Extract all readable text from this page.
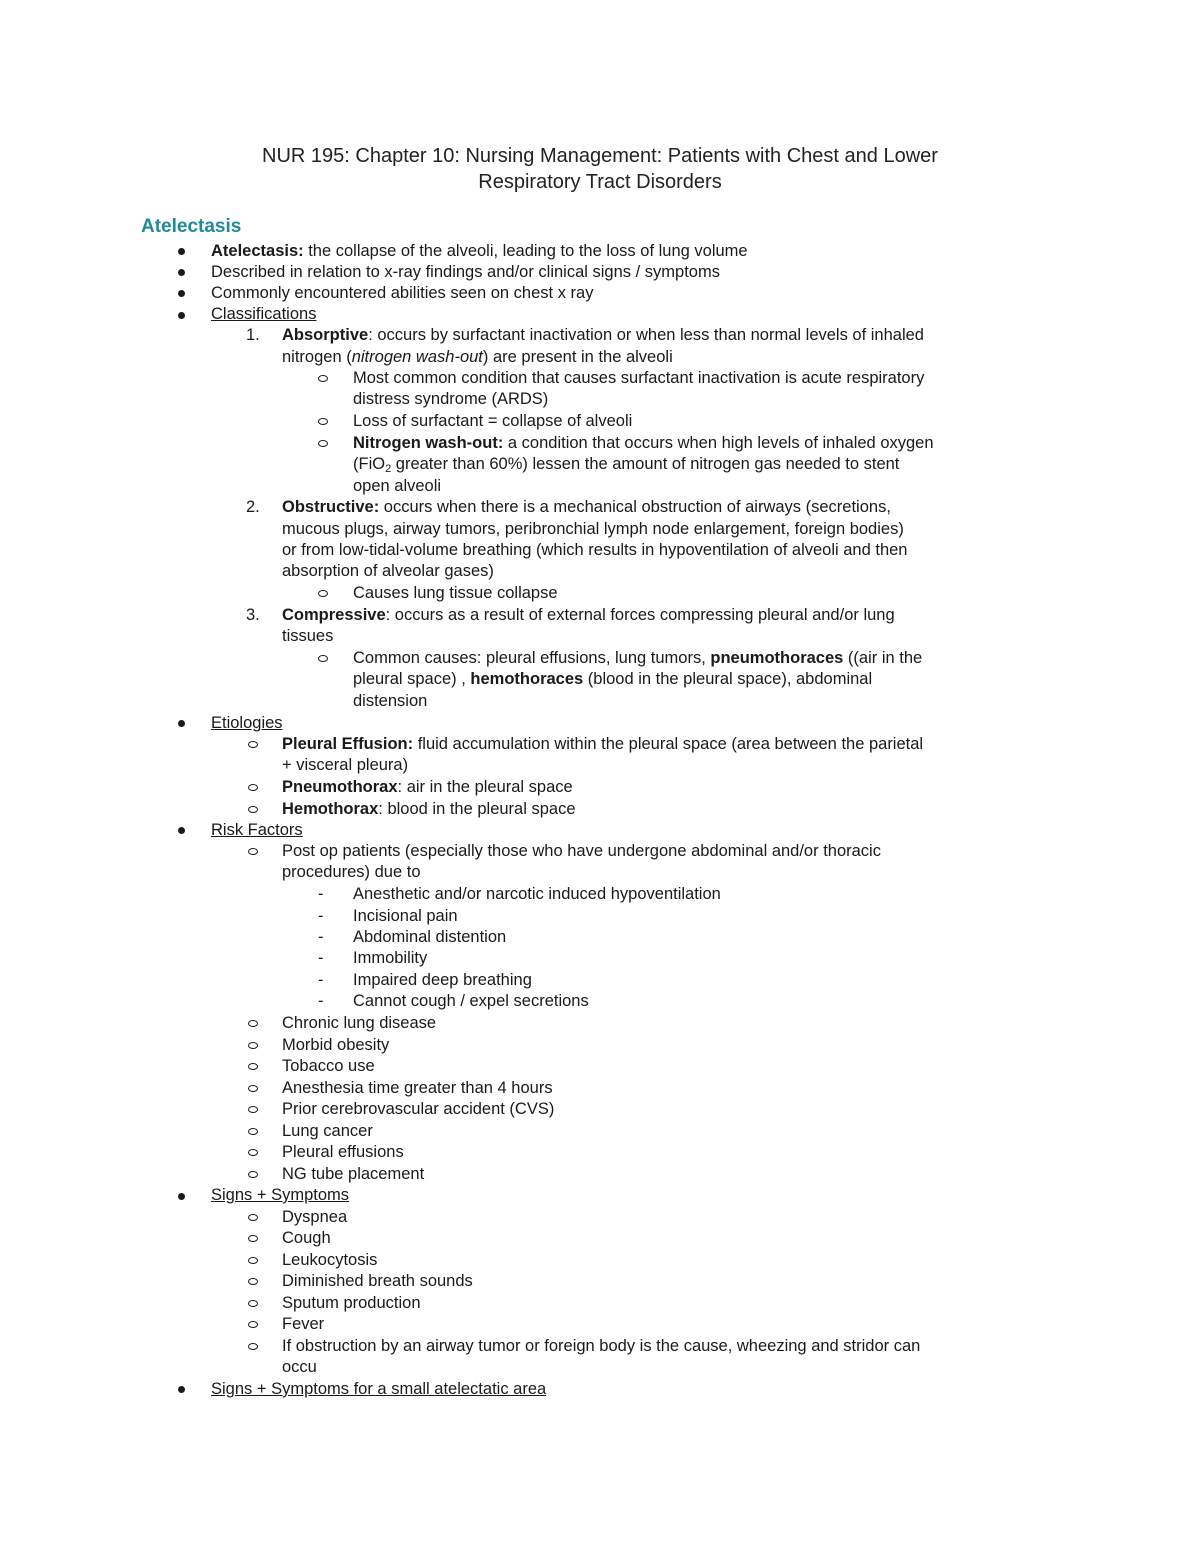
NUR 195: Chapter 10: Nursing Management: Patients with Chest and Lower
Respiratory Tract Disorders
Atelectasis
Atelectasis: the collapse of the alveoli, leading to the loss of lung volume
Described in relation to x-ray findings and/or clinical signs / symptoms
Commonly encountered abilities seen on chest x ray
Classifications
1. Absorptive: occurs by surfactant inactivation or when less than normal levels of inhaled
nitrogen (nitrogen wash-out) are present in the alveoli
Most common condition that causes surfactant inactivation is acute respiratory
distress syndrome (ARDS)
Loss of surfactant = collapse of alveoli
Nitrogen wash-out: a condition that occurs when high levels of inhaled oxygen
(FiO$_2$ greater than 60%) lessen the amount of nitrogen gas needed to stent
open alveoli
2. Obstructive: occurs when there is a mechanical obstruction of airways (secretions,
mucous plugs, airway tumors, peribronchial lymph node enlargement, foreign bodies)
or from low-tidal-volume breathing (which results in hypoventilation of alveoli and then
absorption of alveolar gases)
Causes lung tissue collapse
3. Compressive: occurs as a result of external forces compressing pleural and/or lung
tissues
Common causes: pleural effusions, lung tumors, pneumothoraces ((air in the
pleural space) , hemothoraces (blood in the pleural space), abdominal
distension
Etiologies
Pleural Effusion: fluid accumulation within the pleural space (area between the parietal
+ visceral pleura)
Pneumothorax: air in the pleural space
Hemothorax: blood in the pleural space
Risk Factors
Post op patients (especially those who have undergone abdominal and/or thoracic
procedures) due to
- Anesthetic and/or narcotic induced hypoventilation
- Incisional pain
- Abdominal distention
- Immobility
- Impaired deep breathing
- Cannot cough / expel secretions
Chronic lung disease
Morbid obesity
Tobacco use
Anesthesia time greater than 4 hours
Prior cerebrovascular accident (CVS)
Lung cancer
Pleural effusions
NG tube placement
Signs + Symptoms
Dyspnea
Cough
Leukocytosis
Diminished breath sounds
Sputum production
Fever
If obstruction by an airway tumor or foreign body is the cause, wheezing and stridor can
occu
Signs + Symptoms for a small atelectatic area
